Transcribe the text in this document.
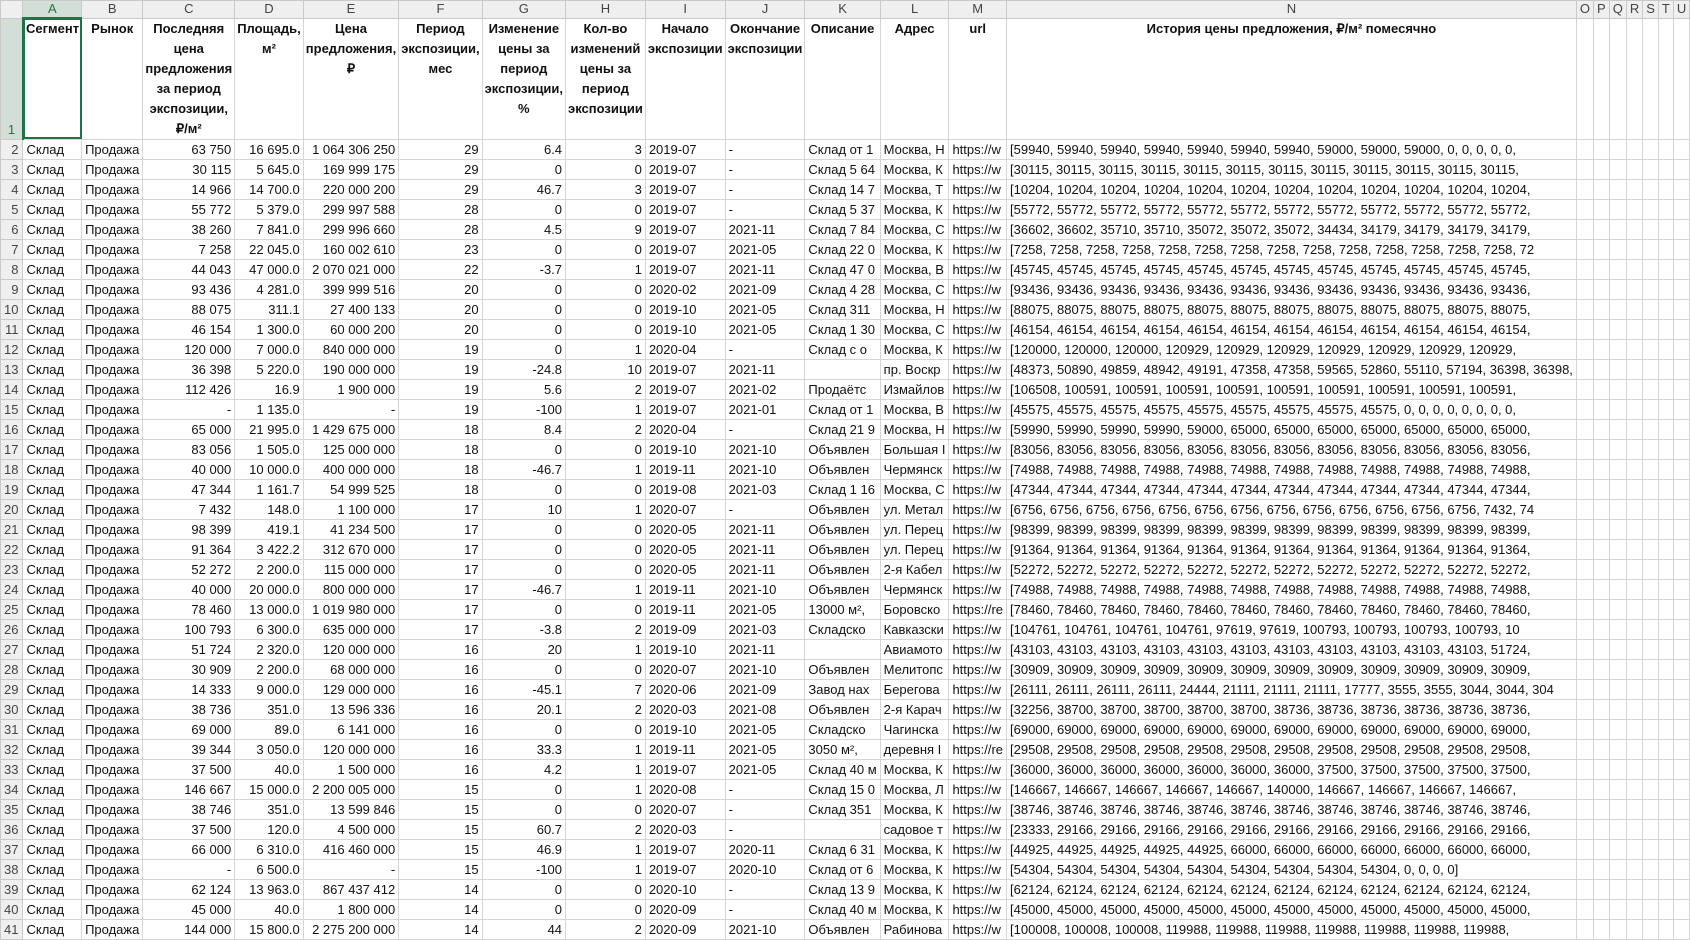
	A	B	C	D	E	F	G	H	I	J	K	L	M	N	O	P	Q	R	S	T	U
1	Сегмент	Рынок	Последняя цена предложения за период экспозиции, ₽/м²	Площадь, м²	Цена предложения, ₽	Период экспозиции, мес	Изменение цены за период экспозиции, %	Кол-во изменений цены за период экспозиции	Начало экспозиции	Окончание экспозиции	Описание	Адрес	url	История цены предложения, ₽/м² помесячно							
2	Склад	Продажа	63 750	16 695.0	1 064 306 250	29	6.4	3	2019-07	-	Склад от 1	Москва, Н	https://w	[59940, 59940, 59940, 59940, 59940, 59940, 59940, 59000, 59000, 59000, 0, 0, 0, 0, 0,							
3	Склад	Продажа	30 115	5 645.0	169 999 175	29	0	0	2019-07	-	Склад 5 64	Москва, К	https://w	[30115, 30115, 30115, 30115, 30115, 30115, 30115, 30115, 30115, 30115, 30115, 30115,							
4	Склад	Продажа	14 966	14 700.0	220 000 200	29	46.7	3	2019-07	-	Склад 14 7	Москва, Т	https://w	[10204, 10204, 10204, 10204, 10204, 10204, 10204, 10204, 10204, 10204, 10204, 10204,							
5	Склад	Продажа	55 772	5 379.0	299 997 588	28	0	0	2019-07	-	Склад 5 37	Москва, К	https://w	[55772, 55772, 55772, 55772, 55772, 55772, 55772, 55772, 55772, 55772, 55772, 55772,							
6	Склад	Продажа	38 260	7 841.0	299 996 660	28	4.5	9	2019-07	2021-11	Склад 7 84	Москва, С	https://w	[36602, 36602, 35710, 35710, 35072, 35072, 35072, 34434, 34179, 34179, 34179, 34179,							
7	Склад	Продажа	7 258	22 045.0	160 002 610	23	0	0	2019-07	2021-05	Склад 22 0	Москва, К	https://w	[7258, 7258, 7258, 7258, 7258, 7258, 7258, 7258, 7258, 7258, 7258, 7258, 7258, 7258, 72							
8	Склад	Продажа	44 043	47 000.0	2 070 021 000	22	-3.7	1	2019-07	2021-11	Склад 47 0	Москва, В	https://w	[45745, 45745, 45745, 45745, 45745, 45745, 45745, 45745, 45745, 45745, 45745, 45745,							
9	Склад	Продажа	93 436	4 281.0	399 999 516	20	0	0	2020-02	2021-09	Склад 4 28	Москва, С	https://w	[93436, 93436, 93436, 93436, 93436, 93436, 93436, 93436, 93436, 93436, 93436, 93436,							
10	Склад	Продажа	88 075	311.1	27 400 133	20	0	0	2019-10	2021-05	Склад 311	Москва, Н	https://w	[88075, 88075, 88075, 88075, 88075, 88075, 88075, 88075, 88075, 88075, 88075, 88075,							
11	Склад	Продажа	46 154	1 300.0	60 000 200	20	0	0	2019-10	2021-05	Склад 1 30	Москва, С	https://w	[46154, 46154, 46154, 46154, 46154, 46154, 46154, 46154, 46154, 46154, 46154, 46154,							
12	Склад	Продажа	120 000	7 000.0	840 000 000	19	0	1	2020-04	-	Склад с о	Москва, К	https://w	[120000, 120000, 120000, 120929, 120929, 120929, 120929, 120929, 120929, 120929,							
13	Склад	Продажа	36 398	5 220.0	190 000 000	19	-24.8	10	2019-07	2021-11		пр. Воскр	https://w	[48373, 50890, 49859, 48942, 49191, 47358, 47358, 59565, 52860, 55110, 57194, 36398, 36398,							
14	Склад	Продажа	112 426	16.9	1 900 000	19	5.6	2	2019-07	2021-02	Продаётс	Измайлов	https://w	[106508, 100591, 100591, 100591, 100591, 100591, 100591, 100591, 100591, 100591,							
15	Склад	Продажа	-	1 135.0	-	19	-100	1	2019-07	2021-01	Склад от 1	Москва, В	https://w	[45575, 45575, 45575, 45575, 45575, 45575, 45575, 45575, 45575, 0, 0, 0, 0, 0, 0, 0, 0,							
16	Склад	Продажа	65 000	21 995.0	1 429 675 000	18	8.4	2	2020-04	-	Склад 21 9	Москва, Н	https://w	[59990, 59990, 59990, 59990, 59000, 65000, 65000, 65000, 65000, 65000, 65000, 65000,							
17	Склад	Продажа	83 056	1 505.0	125 000 000	18	0	0	2019-10	2021-10	Объявлен	Большая I	https://w	[83056, 83056, 83056, 83056, 83056, 83056, 83056, 83056, 83056, 83056, 83056, 83056,							
18	Склад	Продажа	40 000	10 000.0	400 000 000	18	-46.7	1	2019-11	2021-10	Объявлен	Чермянск	https://w	[74988, 74988, 74988, 74988, 74988, 74988, 74988, 74988, 74988, 74988, 74988, 74988,							
19	Склад	Продажа	47 344	1 161.7	54 999 525	18	0	0	2019-08	2021-03	Склад 1 16	Москва, С	https://w	[47344, 47344, 47344, 47344, 47344, 47344, 47344, 47344, 47344, 47344, 47344, 47344,							
20	Склад	Продажа	7 432	148.0	1 100 000	17	10	1	2020-07	-	Объявлен	ул. Метал	https://w	[6756, 6756, 6756, 6756, 6756, 6756, 6756, 6756, 6756, 6756, 6756, 6756, 6756, 7432, 74							
21	Склад	Продажа	98 399	419.1	41 234 500	17	0	0	2020-05	2021-11	Объявлен	ул. Перец	https://w	[98399, 98399, 98399, 98399, 98399, 98399, 98399, 98399, 98399, 98399, 98399, 98399,							
22	Склад	Продажа	91 364	3 422.2	312 670 000	17	0	0	2020-05	2021-11	Объявлен	ул. Перец	https://w	[91364, 91364, 91364, 91364, 91364, 91364, 91364, 91364, 91364, 91364, 91364, 91364,							
23	Склад	Продажа	52 272	2 200.0	115 000 000	17	0	0	2020-05	2021-11	Объявлен	2-я Кабел	https://w	[52272, 52272, 52272, 52272, 52272, 52272, 52272, 52272, 52272, 52272, 52272, 52272,							
24	Склад	Продажа	40 000	20 000.0	800 000 000	17	-46.7	1	2019-11	2021-10	Объявлен	Чермянск	https://w	[74988, 74988, 74988, 74988, 74988, 74988, 74988, 74988, 74988, 74988, 74988, 74988,							
25	Склад	Продажа	78 460	13 000.0	1 019 980 000	17	0	0	2019-11	2021-05	13000 м²,	Боровско	https://re	[78460, 78460, 78460, 78460, 78460, 78460, 78460, 78460, 78460, 78460, 78460, 78460,							
26	Склад	Продажа	100 793	6 300.0	635 000 000	17	-3.8	2	2019-09	2021-03	Складско	Кавказски	https://w	[104761, 104761, 104761, 104761, 97619, 97619, 100793, 100793, 100793, 100793, 10							
27	Склад	Продажа	51 724	2 320.0	120 000 000	16	20	1	2019-10	2021-11		Авиамото	https://w	[43103, 43103, 43103, 43103, 43103, 43103, 43103, 43103, 43103, 43103, 43103, 51724,							
28	Склад	Продажа	30 909	2 200.0	68 000 000	16	0	0	2020-07	2021-10	Объявлен	Мелитопс	https://w	[30909, 30909, 30909, 30909, 30909, 30909, 30909, 30909, 30909, 30909, 30909, 30909,							
29	Склад	Продажа	14 333	9 000.0	129 000 000	16	-45.1	7	2020-06	2021-09	Завод нах	Берегова	https://w	[26111, 26111, 26111, 26111, 24444, 21111, 21111, 21111, 17777, 3555, 3555, 3044, 3044, 304							
30	Склад	Продажа	38 736	351.0	13 596 336	16	20.1	2	2020-03	2021-08	Объявлен	2-я Карач	https://w	[32256, 38700, 38700, 38700, 38700, 38700, 38736, 38736, 38736, 38736, 38736, 38736,							
31	Склад	Продажа	69 000	89.0	6 141 000	16	0	0	2019-10	2021-05	Складско	Чагинска	https://w	[69000, 69000, 69000, 69000, 69000, 69000, 69000, 69000, 69000, 69000, 69000, 69000,							
32	Склад	Продажа	39 344	3 050.0	120 000 000	16	33.3	1	2019-11	2021-05	3050 м²,	деревня I	https://re	[29508, 29508, 29508, 29508, 29508, 29508, 29508, 29508, 29508, 29508, 29508, 29508,							
33	Склад	Продажа	37 500	40.0	1 500 000	16	4.2	1	2019-07	2021-05	Склад 40 м	Москва, К	https://w	[36000, 36000, 36000, 36000, 36000, 36000, 36000, 37500, 37500, 37500, 37500, 37500,							
34	Склад	Продажа	146 667	15 000.0	2 200 005 000	15	0	1	2020-08	-	Склад 15 0	Москва, Л	https://w	[146667, 146667, 146667, 146667, 146667, 140000, 146667, 146667, 146667, 146667,							
35	Склад	Продажа	38 746	351.0	13 599 846	15	0	0	2020-07	-	Склад 351	Москва, К	https://w	[38746, 38746, 38746, 38746, 38746, 38746, 38746, 38746, 38746, 38746, 38746, 38746,							
36	Склад	Продажа	37 500	120.0	4 500 000	15	60.7	2	2020-03	-		садовое т	https://w	[23333, 29166, 29166, 29166, 29166, 29166, 29166, 29166, 29166, 29166, 29166, 29166,							
37	Склад	Продажа	66 000	6 310.0	416 460 000	15	46.9	1	2019-07	2020-11	Склад 6 31	Москва, К	https://w	[44925, 44925, 44925, 44925, 44925, 66000, 66000, 66000, 66000, 66000, 66000, 66000,							
38	Склад	Продажа	-	6 500.0	-	15	-100	1	2019-07	2020-10	Склад от 6	Москва, К	https://w	[54304, 54304, 54304, 54304, 54304, 54304, 54304, 54304, 54304, 0, 0, 0, 0]							
39	Склад	Продажа	62 124	13 963.0	867 437 412	14	0	0	2020-10	-	Склад 13 9	Москва, К	https://w	[62124, 62124, 62124, 62124, 62124, 62124, 62124, 62124, 62124, 62124, 62124, 62124,							
40	Склад	Продажа	45 000	40.0	1 800 000	14	0	0	2020-09	-	Склад 40 м	Москва, К	https://w	[45000, 45000, 45000, 45000, 45000, 45000, 45000, 45000, 45000, 45000, 45000, 45000,							
41	Склад	Продажа	144 000	15 800.0	2 275 200 000	14	44	2	2020-09	2021-10	Объявлен	Рабинова	https://w	[100008, 100008, 100008, 119988, 119988, 119988, 119988, 119988, 119988, 119988,							
